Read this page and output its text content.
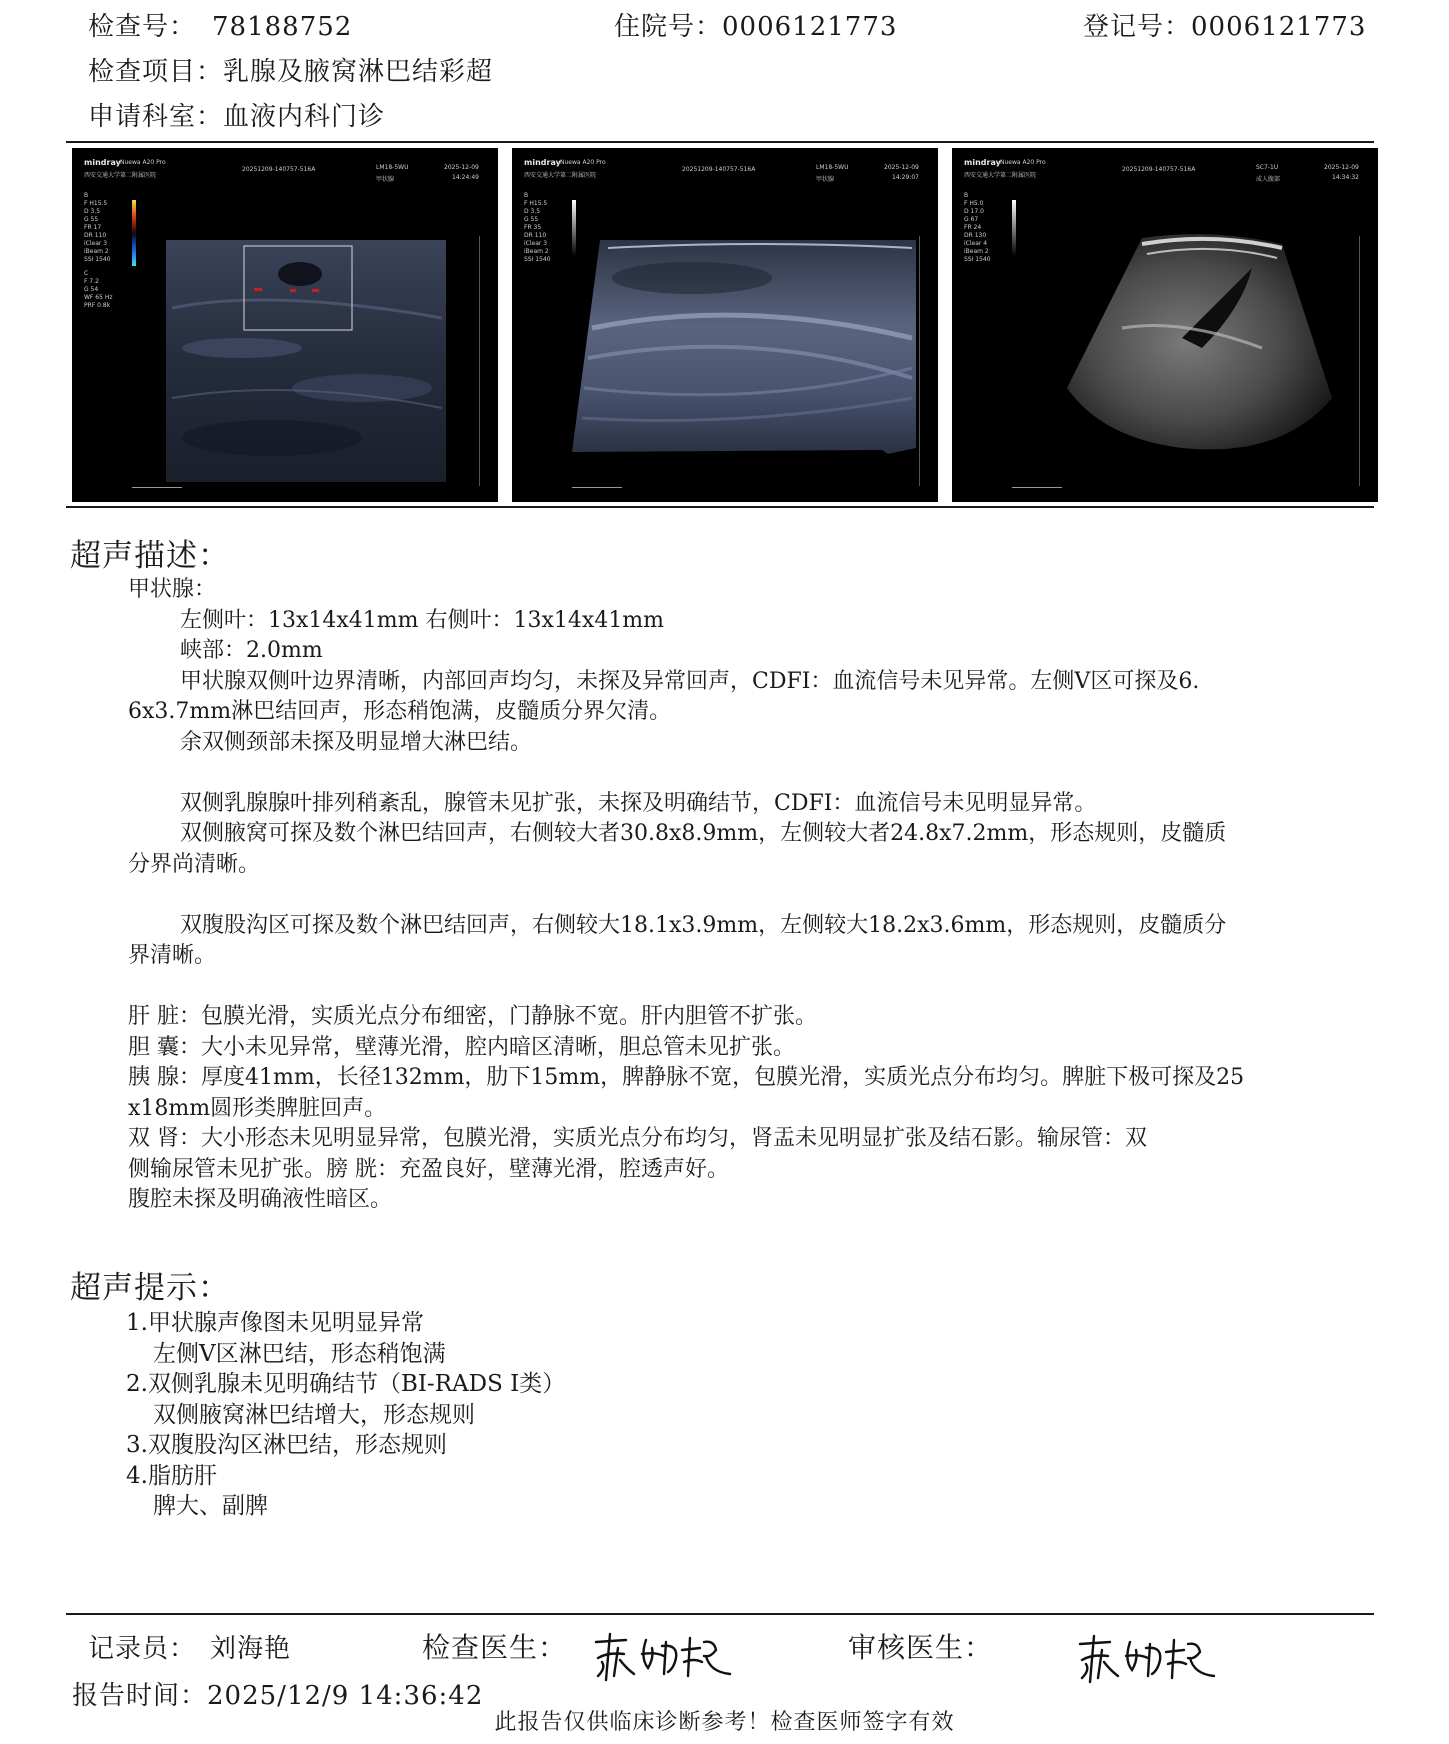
检查号： 78188752	住院号：0006121773	登记号：0006121773
检查项目：乳腺及腋窝淋巴结彩超
申请科室：血液内科门诊
mindray Nuewa A20 Pro
西安交通大学第二附属医院
20251209-140757-516A	LM18-5WU
甲状腺
2025-12-09
14:24:49
B
F H15.5
D 3.5
G 55
FR 17
DR 110
iClear 3
iBeam 2
SSI 1540
C
F 7.2
G 54
WF 65 Hz
PRF 0.8k
mindray Nuewa A20 Pro
西安交通大学第二附属医院
20251209-140757-516A	LM18-5WU
甲状腺
2025-12-09
14:29:07
B
F H15.5
D 3.5
G 55
FR 35
DR 110
iClear 3
iBeam 2
SSI 1540
mindray Nuewa A20 Pro
西安交通大学第二附属医院
20251209-140757-516A	SC7-1U
成人腹部
2025-12-09
14:34:32
B
F H5.0
D 17.0
G 67
FR 24
DR 130
iClear 4
iBeam 2
SSI 1540
超声描述：
甲状腺：
左侧叶：13x14x41mm 右侧叶：13x14x41mm
峡部：2.0mm
甲状腺双侧叶边界清晰，内部回声均匀，未探及异常回声，CDFI：血流信号未见异常。左侧V区可探及6.
6x3.7mm淋巴结回声，形态稍饱满，皮髓质分界欠清。
余双侧颈部未探及明显增大淋巴结。
双侧乳腺腺叶排列稍紊乱，腺管未见扩张，未探及明确结节，CDFI：血流信号未见明显异常。
双侧腋窝可探及数个淋巴结回声，右侧较大者30.8x8.9mm，左侧较大者24.8x7.2mm，形态规则，皮髓质
分界尚清晰。
双腹股沟区可探及数个淋巴结回声，右侧较大18.1x3.9mm，左侧较大18.2x3.6mm，形态规则，皮髓质分
界清晰。
肝 脏：包膜光滑，实质光点分布细密，门静脉不宽。肝内胆管不扩张。
胆 囊：大小未见异常，壁薄光滑，腔内暗区清晰，胆总管未见扩张。
胰 腺：厚度41mm，长径132mm，肋下15mm，脾静脉不宽，包膜光滑，实质光点分布均匀。脾脏下极可探及25
x18mm圆形类脾脏回声。
双 肾：大小形态未见明显异常，包膜光滑，实质光点分布均匀，肾盂未见明显扩张及结石影。输尿管：双
侧输尿管未见扩张。膀 胱：充盈良好，壁薄光滑，腔透声好。
腹腔未探及明确液性暗区。
超声提示：
1.甲状腺声像图未见明显异常
左侧V区淋巴结，形态稍饱满
2.双侧乳腺未见明确结节（BI-RADS I类）
双侧腋窝淋巴结增大，形态规则
3.双腹股沟区淋巴结，形态规则
4.脂肪肝
脾大、副脾
记录员： 刘海艳	检查医生：	审核医生：
报告时间：2025/12/9 14:36:42
此报告仅供临床诊断参考！检查医师签字有效
